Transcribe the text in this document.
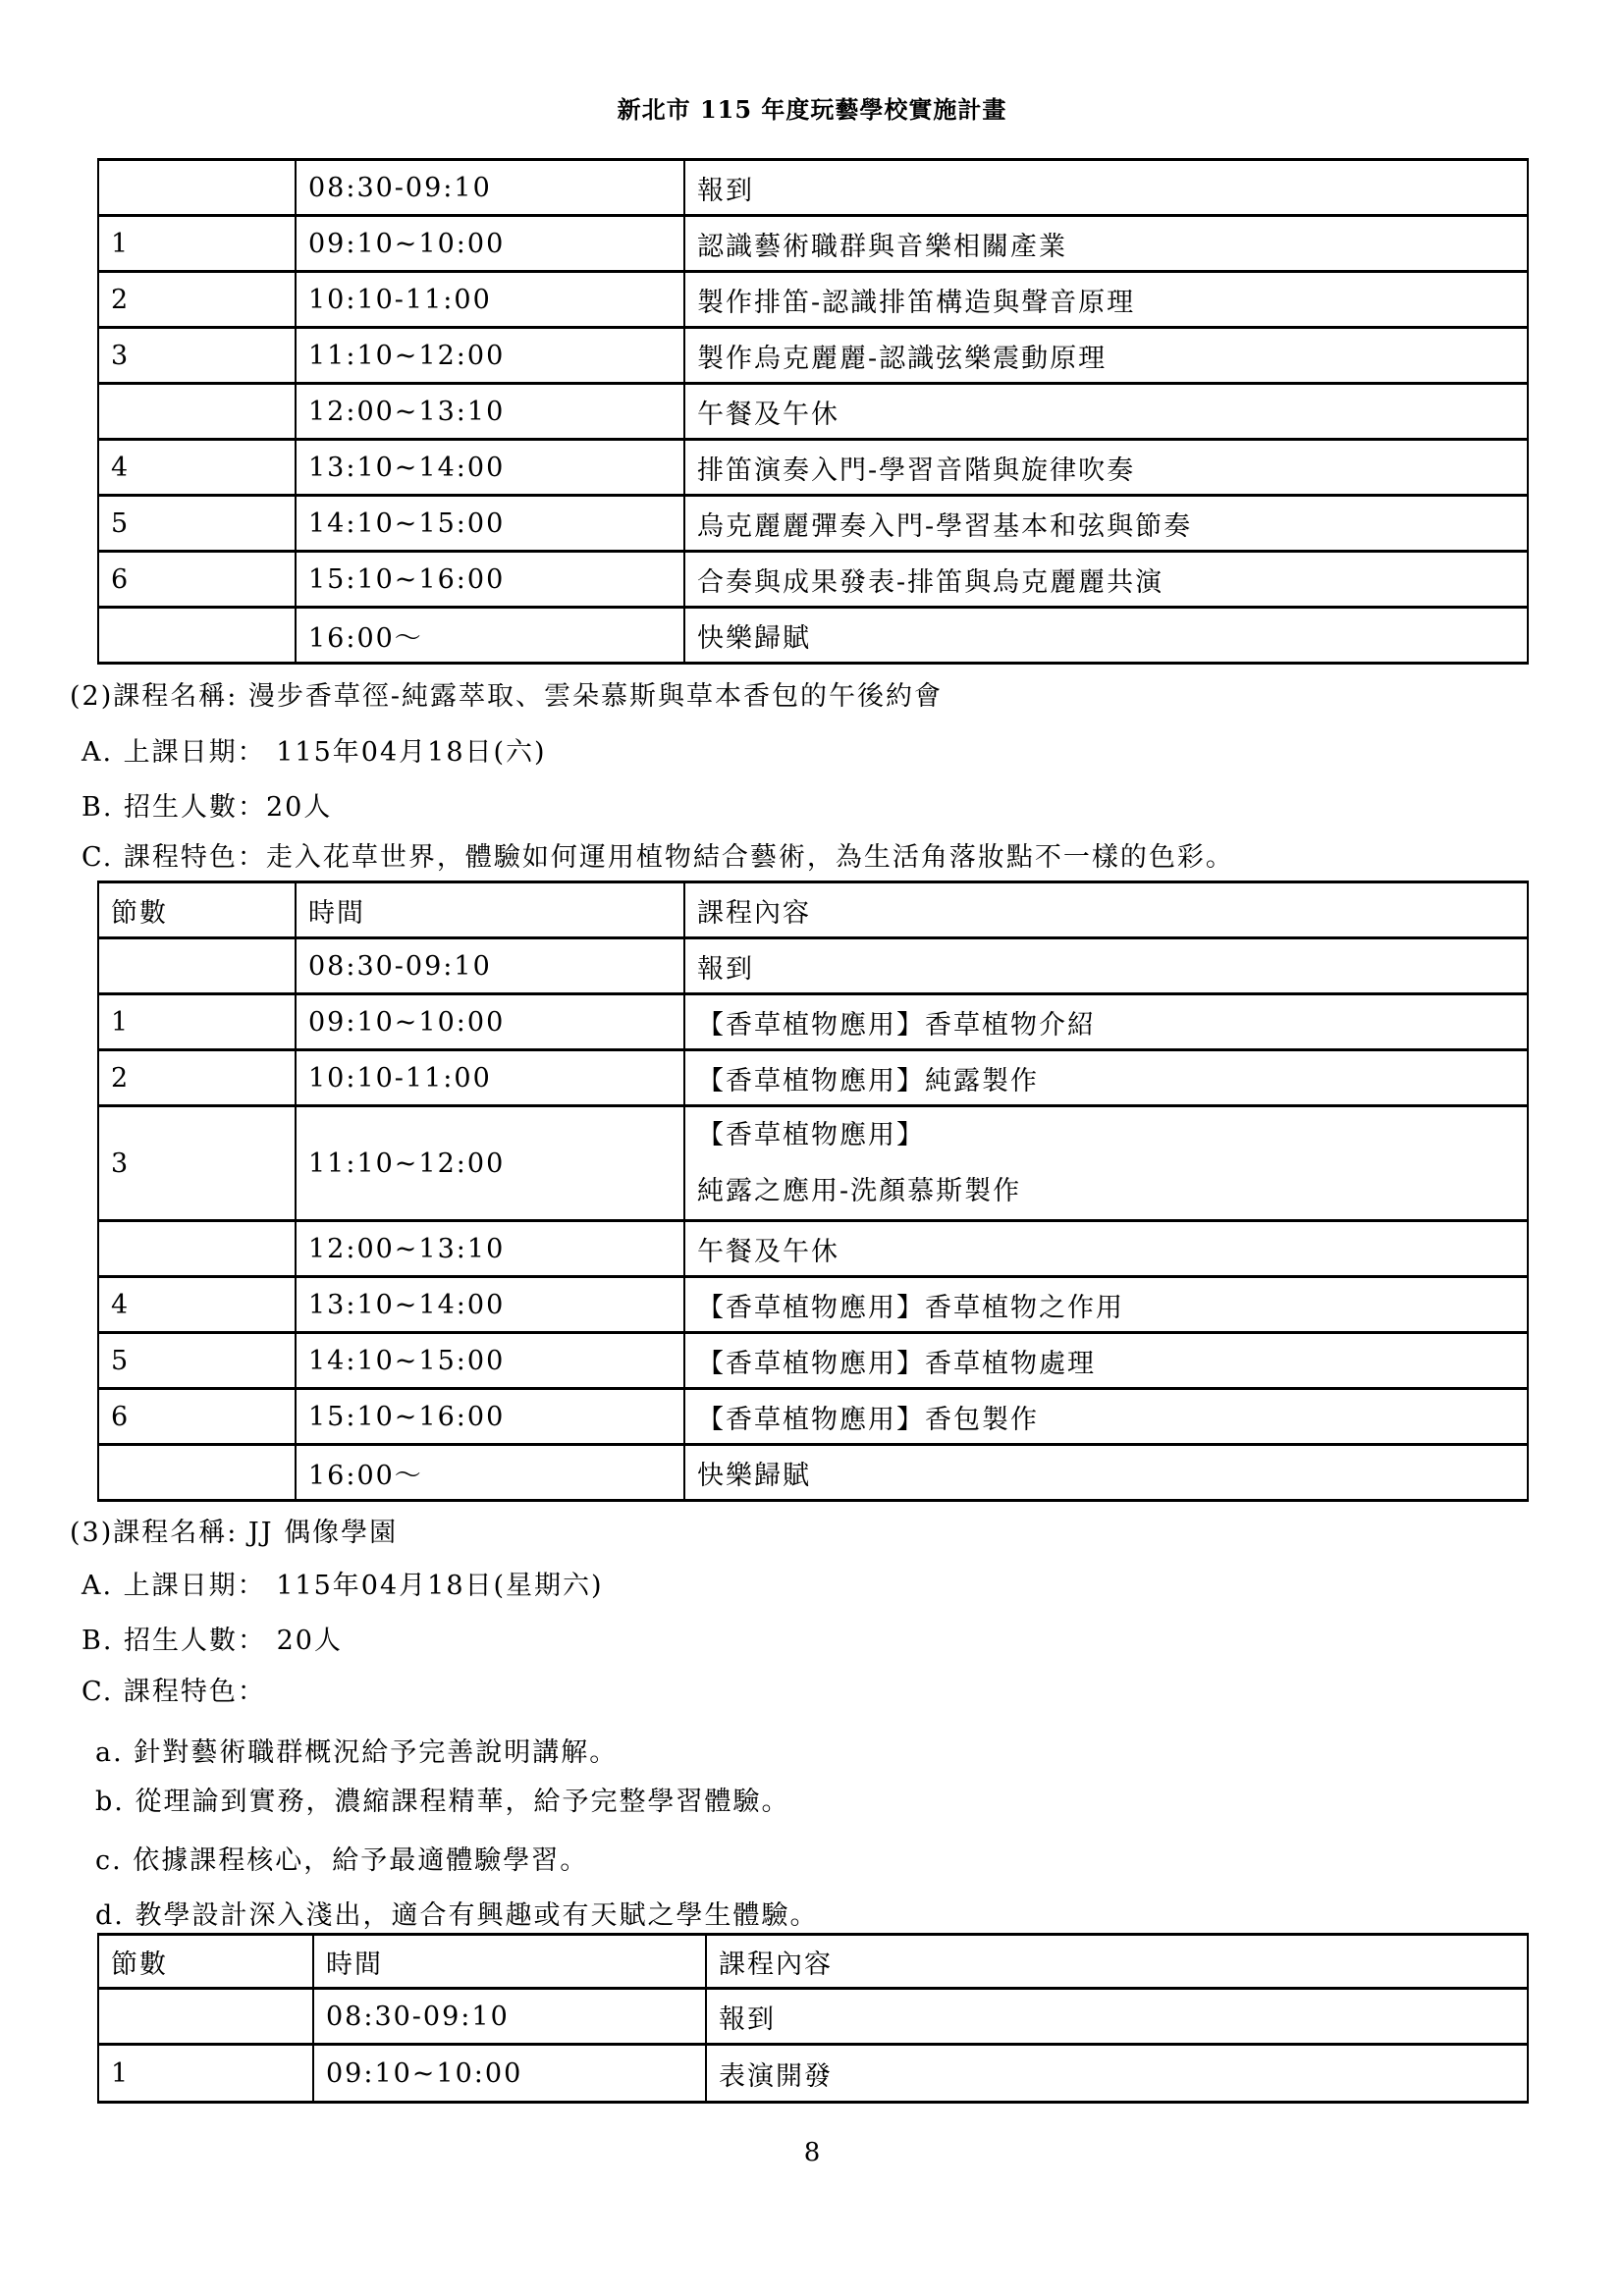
新北市 115 年度玩藝學校實施計畫
	08:30-09:10	報到
1	09:10~10:00	認識藝術職群與音樂相關產業
2	10:10-11:00	製作排笛-認識排笛構造與聲音原理
3	11:10~12:00	製作烏克麗麗-認識弦樂震動原理
	12:00~13:10	午餐及午休
4	13:10~14:00	排笛演奏入門-學習音階與旋律吹奏
5	14:10~15:00	烏克麗麗彈奏入門-學習基本和弦與節奏
6	15:10~16:00	合奏與成果發表-排笛與烏克麗麗共演
	16:00～	快樂歸賦
(2)課程名稱: 漫步香草徑-純露萃取、雲朵慕斯與草本香包的午後約會
A. 上課日期： 115年04月18日(六)
B. 招生人數：20人
C. 課程特色：走入花草世界，體驗如何運用植物結合藝術，為生活角落妝點不一樣的色彩。
節數	時間	課程內容
	08:30-09:10	報到
1	09:10~10:00	【香草植物應用】香草植物介紹
2	10:10-11:00	【香草植物應用】純露製作
3	11:10~12:00	【香草植物應用】
純露之應用-洗顏慕斯製作

	12:00~13:10	午餐及午休
4	13:10~14:00	【香草植物應用】香草植物之作用
5	14:10~15:00	【香草植物應用】香草植物處理
6	15:10~16:00	【香草植物應用】香包製作
	16:00～	快樂歸賦
(3)課程名稱: JJ 偶像學園
A. 上課日期： 115年04月18日(星期六)
B. 招生人數： 20人
C. 課程特色：
a. 針對藝術職群概況給予完善說明講解。
b. 從理論到實務，濃縮課程精華，給予完整學習體驗。
c. 依據課程核心，給予最適體驗學習。
d. 教學設計深入淺出，適合有興趣或有天賦之學生體驗。
節數	時間	課程內容
	08:30-09:10	報到
1	09:10~10:00	表演開發
8
